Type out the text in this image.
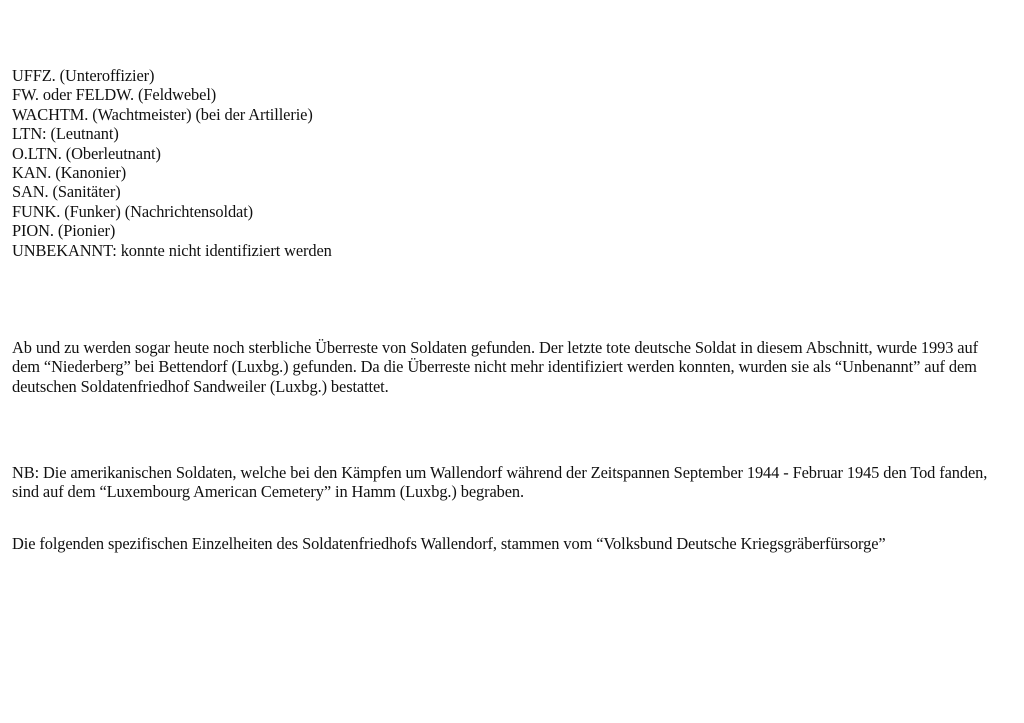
UFFZ. (Unteroffizier)
FW. oder FELDW. (Feldwebel)
WACHTM. (Wachtmeister) (bei der Artillerie)
LTN: (Leutnant)
O.LTN. (Oberleutnant)
KAN. (Kanonier)
SAN. (Sanitäter)
FUNK. (Funker) (Nachrichtensoldat)
PION. (Pionier)
UNBEKANNT: konnte nicht identifiziert werden

Ab und zu werden sogar heute noch sterbliche Überreste von Soldaten gefunden. Der letzte tote deutsche Soldat in diesem Abschnitt, wurde 1993 auf dem “Niederberg” bei Bettendorf (Luxbg.) gefunden. Da die Überreste nicht mehr identifiziert werden konnten, wurden sie als “Unbenannt” auf dem deutschen Soldatenfriedhof Sandweiler (Luxbg.) bestattet.

NB: Die amerikanischen Soldaten, welche bei den Kämpfen um Wallendorf während der Zeitspannen September 1944 - Februar 1945 den Tod fanden, sind auf dem “Luxembourg American Cemetery” in Hamm (Luxbg.) begraben.

Die folgenden spezifischen Einzelheiten des Soldatenfriedhofs Wallendorf, stammen vom “Volksbund Deutsche Kriegsgräberfürsorge”
